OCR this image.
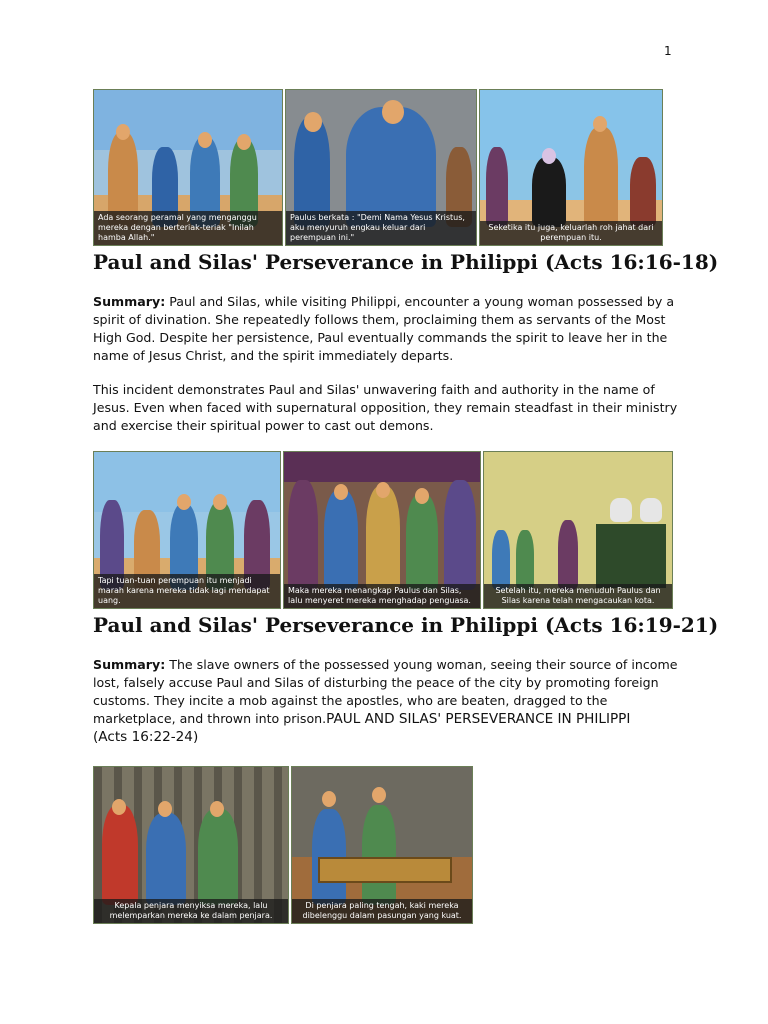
1
Ada seorang peramal yang menganggu mereka dengan berteriak-teriak "Inilah hamba Allah."
Paulus berkata : "Demi Nama Yesus Kristus, aku menyuruh engkau keluar dari perempuan ini."
Seketika itu juga, keluarlah roh jahat dari perempuan itu.
Paul and Silas' Perseverance in Philippi (Acts 16:16-18)
Summary: Paul and Silas, while visiting Philippi, encounter a young woman possessed by a spirit of divination. She repeatedly follows them, proclaiming them as servants of the Most High God. Despite her persistence, Paul eventually commands the spirit to leave her in the name of Jesus Christ, and the spirit immediately departs.
This incident demonstrates Paul and Silas' unwavering faith and authority in the name of Jesus. Even when faced with supernatural opposition, they remain steadfast in their ministry and exercise their spiritual power to cast out demons.
Tapi tuan-tuan perempuan itu menjadi marah karena mereka tidak lagi mendapat uang.
Maka mereka menangkap Paulus dan Silas, lalu menyeret mereka menghadap penguasa.
Setelah itu, mereka menuduh Paulus dan Silas karena telah mengacaukan kota.
Paul and Silas' Perseverance in Philippi (Acts 16:19-21)
Summary: The slave owners of the possessed young woman, seeing their source of income lost, falsely accuse Paul and Silas of disturbing the peace of the city by promoting foreign customs. They incite a mob against the apostles, who are beaten, dragged to the marketplace, and thrown into prison.PAUL AND SILAS' PERSEVERANCE IN PHILIPPI
(Acts 16:22-24)
Kepala penjara menyiksa mereka, lalu melemparkan mereka ke dalam penjara.
Di penjara paling tengah, kaki mereka dibelenggu dalam pasungan yang kuat.
